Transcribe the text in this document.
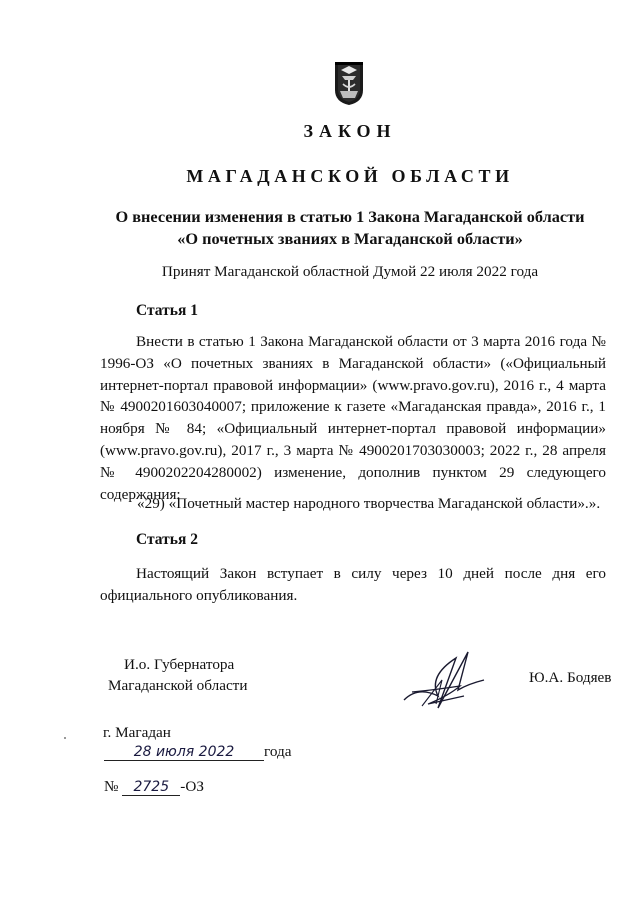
ЗАКОН
МАГАДАНСКОЙ ОБЛАСТИ
О внесении изменения в статью 1 Закона Магаданской области
«О почетных званиях в Магаданской области»
Принят Магаданской областной Думой 22 июля 2022 года
Статья 1
Внести в статью 1 Закона Магаданской области от 3 марта 2016 года № 1996-ОЗ «О почетных званиях в Магаданской области» («Официальный интернет-портал правовой информации» (www.pravo.gov.ru), 2016 г., 4 марта № 4900201603040007; приложение к газете «Магаданская правда», 2016 г., 1 ноября № 84; «Официальный интернет-портал правовой информации» (www.pravo.gov.ru), 2017 г., 3 марта № 4900201703030003; 2022 г., 28 апреля № 4900202204280002) изменение, дополнив пунктом 29 следующего содержания:
«29) «Почетный мастер народного творчества Магаданской области».».
Статья 2
Настоящий Закон вступает в силу через 10 дней после дня его официального опубликования.
И.о. Губернатора
Магаданской области	Ю.А. Бодяев
г. Магадан
28 июля 2022 года
№ 2725 -ОЗ
